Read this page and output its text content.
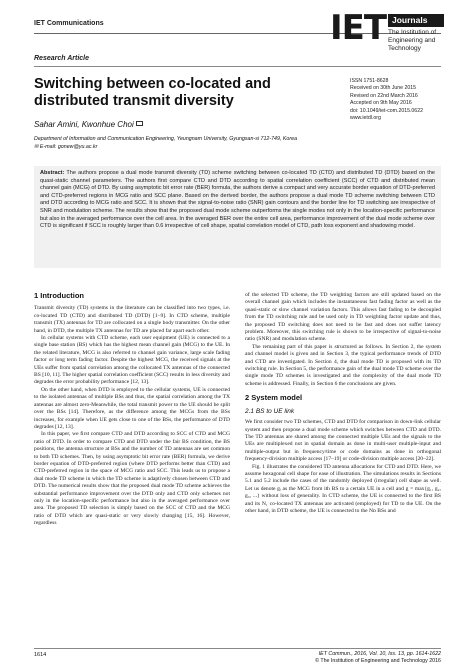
IET Communications
Research Article
IET Journals
The Institution of
Engineering and Technology
Switching between co-located and distributed transmit diversity
ISSN 1751-8628
Received on 30th June 2015
Revised on 22nd March 2016
Accepted on 9th May 2016
doi: 10.1049/iet-com.2015.0622
www.ietdl.org
Sahar Amini, Kwonhue Choi
Department of Information and Communication Engineering, Yeungnam University, Gyungsan-si 712-749, Korea
✉ E-mail: gonew@yu.ac.kr
Abstract: The authors propose a dual mode transmit diversity (TD) scheme switching between co-located TD (CTD) and distributed TD (DTD) based on the quasi-static channel parameters. The authors first compare CTD and DTD according to spatial correlation coefficient (SCC) of CTD and distributed mean channel gain (MCG) of DTD. By using asymptotic bit error rate (BER) formula, the authors derive a compact and very accurate border equation of DTD-preferred and CTD-preferred regions in MCG ratio and SCC plane. Based on the derived border, the authors propose a dual mode TD scheme switching between CTD and DTD according to MCG ratio and SCC. It is shown that the signal-to-noise ratio (SNR) gain contours and the border line for TD switching are irrespective of SNR and modulation scheme. The results show that the proposed dual mode scheme outperforms the single modes not only in the location-specific performance but also in the averaged performance over the cell area. In the averaged BER over the entire cell area, performance improvement of the dual mode scheme over CTD is significant if SCC is roughly larger than 0.6 irrespective of cell shape, spatial correlation model of CTD, path loss exponent and shadowing model.
1 Introduction

Transmit diversity (TD) systems in the literature can be classified into two types, i.e. co-located TD (CTD) and distributed TD (DTD) [1–9]. In CTD scheme, multiple transmit (TX) antennas for TD are collocated on a single body transmitter. On the other hand, in DTD, the multiple TX antennas for TD are placed far apart each other.

In cellular systems with CTD scheme, each user equipment (UE) is connected to a single base station (BS) which has the highest mean channel gain (MCG) to the UE. In the related literature, MCG is also referred to channel gain variance, large scale fading factor or long term fading factor. Despite the highest MCG, the received signals at the UEs suffer from spatial correlation among the collocated TX antennas of the connected BS [10, 11]. The higher spatial correlation coefficient (SCC) results in less diversity and degrades the error probability performance [12, 13].

On the other hand, when DTD is employed to the cellular systems, UE is connected to the isolated antennas of multiple BSs and thus, the spatial correlation among the TX antennas are almost zero-Meanwhile, the total transmit power to the UE should be split over the BSs [14]. Therefore, as the difference among the MCGs from the BSs increases, for example when UE gets close to one of the BSs, the performance of DTD degrades [12, 13].

In this paper, we first compare CTD and DTD according to SCC of CTD and MCG ratio of DTD. In order to compare CTD and DTD under the fair BS condition, the BS positions, the antenna structure at BSs and the number of TD antennas are set common to both TD schemes. Then, by using asymptotic bit error rate (BER) formula, we derive border equation of DTD-preferred region (where DTD performs better than CTD) and CTD-preferred region in the space of MCG ratio and SCC. This leads us to propose a dual mode TD scheme in which the TD scheme is adaptively chosen between CTD and DTD. The numerical results show that the proposed dual mode TD scheme achieves the substantial performance improvement over the DTD only and CTD only schemes not only in the location-specific performance but also in the averaged performance over area. The proposed TD selection is simply based on the SCC of CTD and the MCG ratio of DTD which are quasi-static or very slowly changing [15, 16]. However, regardless

of the selected TD scheme, the TD weighting factors are still updated based on the overall channel gain which includes the instantaneous fast fading factor as well as the quasi-static or slow channel variation factors. This allows fast fading to be decoupled from the TD switching rule and be used only in TD weighting factor update and thus, the proposed TD switching does not need to be fast and does not suffer latency problem. Moreover, this switching rule is shown to be irrespective of signal-to-noise ratio (SNR) and modulation scheme.

The remaining part of this paper is structured as follows. In Section 2, the system and channel model is given and in Section 3, the typical performance trends of DTD and CTD are investigated. In Section 4, the dual mode TD is proposed with its TD switching rule. In Section 5, the performance gain of the dual mode TD scheme over the single mode TD schemes is investigated and the complexity of the dual mode TD scheme is addressed. Finally, in Section 6 the conclusions are given.

2 System model
2.1 BS to UE link

We first consider two TD schemes, CTD and DTD for comparison in down-link cellular system and then propose a dual mode scheme which switches between CTD and DTD. The TD antennas are shared among the connected multiple UEs and the signals to the UEs are multiplexed not in spatial domain as done in multi-user multiple-input and multiple-output but in frequency/time or code domains as done in orthogonal frequency-division multiple access [17–19] or code-division multiple access [20–22].

Fig. 1 illustrates the considered TD antenna allocations for CTD and DTD. Here, we assume hexagonal cell shape for ease of illustration. The simulations results in Sections 5.1 and 5.2 include the cases of the randomly deployed (irregular) cell shape as well. Let us denote gᵢ as the MCG from ith BS to a certain UE in a cell and g = max{g₁, g₂, g₃, ...} without loss of generality. In CTD scheme, the UE is connected to the first BS and its N₁ co-located TX antennas are activated (employed) for TD to the UE. On the other hand, in DTD scheme, the UE is connected to the Nᴅ BSs and

1614	IET Commun., 2016, Vol. 10, Iss. 13, pp. 1614-1622
© The Institution of Engineering and Technology 2016
